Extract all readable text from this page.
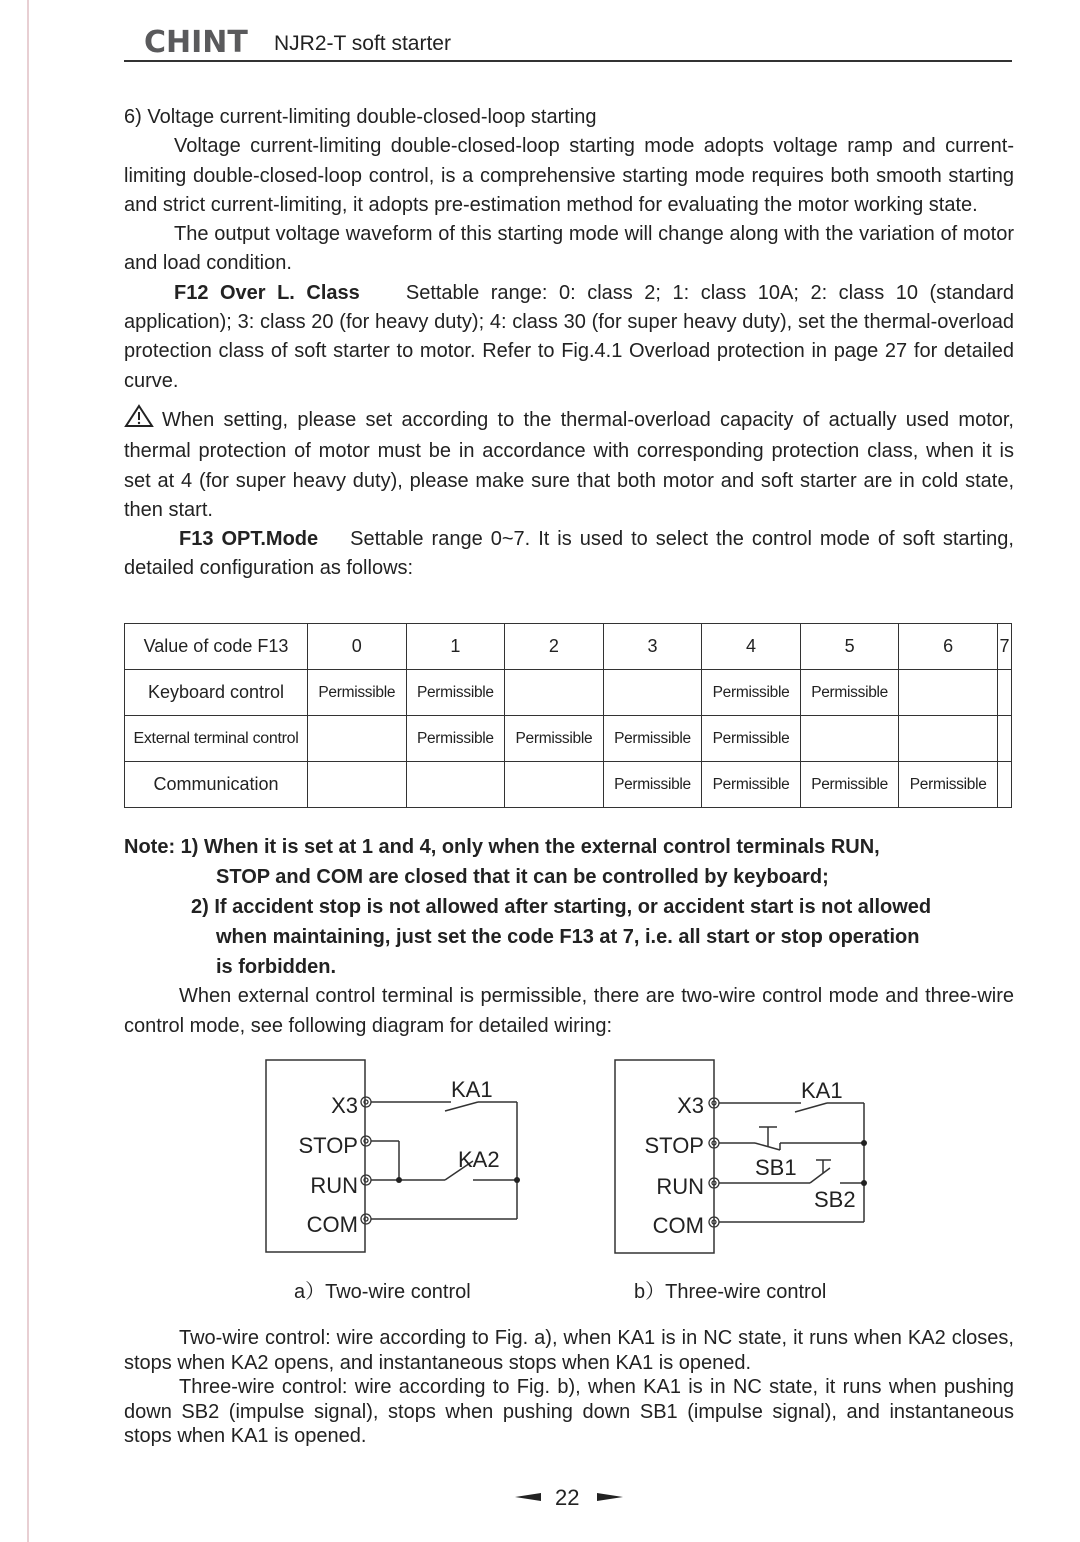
CHINT NJR2-T soft starter

6) Voltage current-limiting double-closed-loop starting

Voltage current-limiting double-closed-loop starting mode adopts voltage ramp and current-limiting double-closed-loop control, is a comprehensive starting mode requires both smooth starting and strict current-limiting, it adopts pre-estimation method for evaluating the motor working state.

The output voltage waveform of this starting mode will change along with the variation of motor and load condition.

F12 Over L. Class Settable range: 0: class 2; 1: class 10A; 2: class 10 (standard application); 3: class 20 (for heavy duty); 4: class 30 (for super heavy duty), set the thermal-overload protection class of soft starter to motor. Refer to Fig.4.1 Overload protection in page 27 for detailed curve.

When setting, please set according to the thermal-overload capacity of actually used motor, thermal protection of motor must be in accordance with corresponding protection class, when it is set at 4 (for super heavy duty), please make sure that both motor and soft starter are in cold state, then start.

F13 OPT.Mode Settable range 0~7. It is used to select the control mode of soft starting, detailed configuration as follows:

Value of code F13	0	1	2	3	4	5	6	7
Keyboard control	Permissible	Permissible			Permissible	Permissible		
External terminal control		Permissible	Permissible	Permissible	Permissible			
Communication				Permissible	Permissible	Permissible	Permissible	
Note: 1) When it is set at 1 and 4, only when the external control terminals RUN,
STOP and COM are closed that it can be controlled by keyboard;
2) If accident stop is not allowed after starting, or accident start is not allowed
when maintaining, just set the code F13 at 7, i.e. all start or stop operation
is forbidden.

When external control terminal is permissible, there are two-wire control mode and three-wire control mode, see following diagram for detailed wiring:

X3
STOP
RUN
COM
KA1
KA2
a）Two-wire control
X3
STOP
RUN
COM
KA1
SB1
SB2
b）Three-wire control

Two-wire control: wire according to Fig. a), when KA1 is in NC state, it runs when KA2 closes, stops when KA2 opens, and instantaneous stops when KA1 is opened.

Three-wire control: wire according to Fig. b), when KA1 is in NC state, it runs when pushing down SB2 (impulse signal), stops when pushing down SB1 (impulse signal), and instantaneous stops when KA1 is opened.

22
